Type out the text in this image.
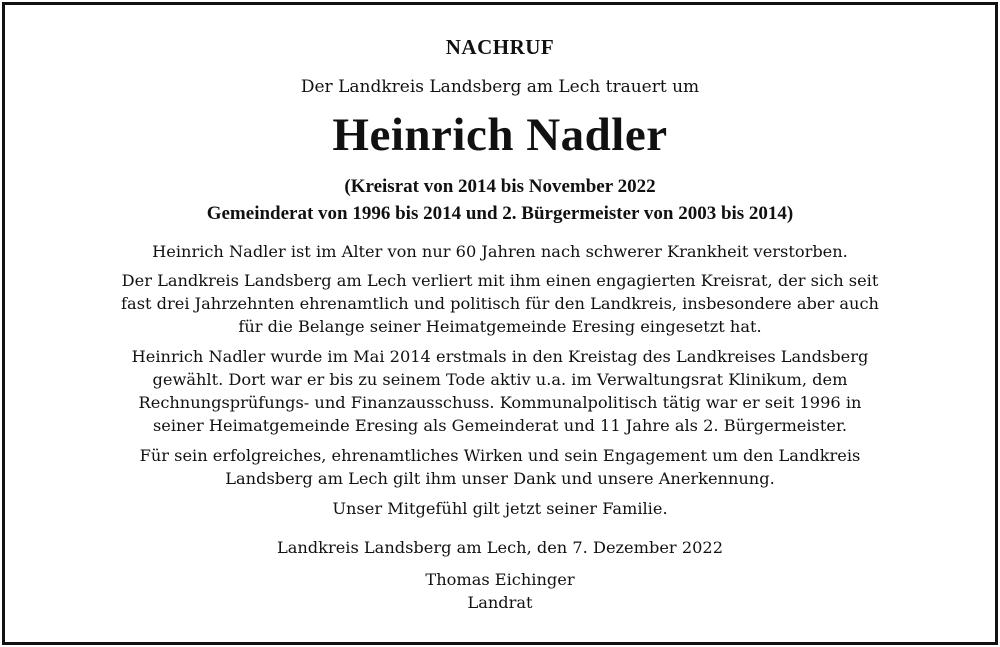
NACHRUF
Der Landkreis Landsberg am Lech trauert um
Heinrich Nadler
(Kreisrat von 2014 bis November 2022
Gemeinderat von 1996 bis 2014 und 2. Bürgermeister von 2003 bis 2014)
Heinrich Nadler ist im Alter von nur 60 Jahren nach schwerer Krankheit verstorben.
Der Landkreis Landsberg am Lech verliert mit ihm einen engagierten Kreisrat, der sich seit
fast drei Jahrzehnten ehrenamtlich und politisch für den Landkreis, insbesondere aber auch
für die Belange seiner Heimatgemeinde Eresing eingesetzt hat.
Heinrich Nadler wurde im Mai 2014 erstmals in den Kreistag des Landkreises Landsberg
gewählt. Dort war er bis zu seinem Tode aktiv u.a. im Verwaltungsrat Klinikum, dem
Rechnungsprüfungs- und Finanzausschuss. Kommunalpolitisch tätig war er seit 1996 in
seiner Heimatgemeinde Eresing als Gemeinderat und 11 Jahre als 2. Bürgermeister.
Für sein erfolgreiches, ehrenamtliches Wirken und sein Engagement um den Landkreis
Landsberg am Lech gilt ihm unser Dank und unsere Anerkennung.
Unser Mitgefühl gilt jetzt seiner Familie.
Landkreis Landsberg am Lech, den 7. Dezember 2022
Thomas Eichinger
Landrat
